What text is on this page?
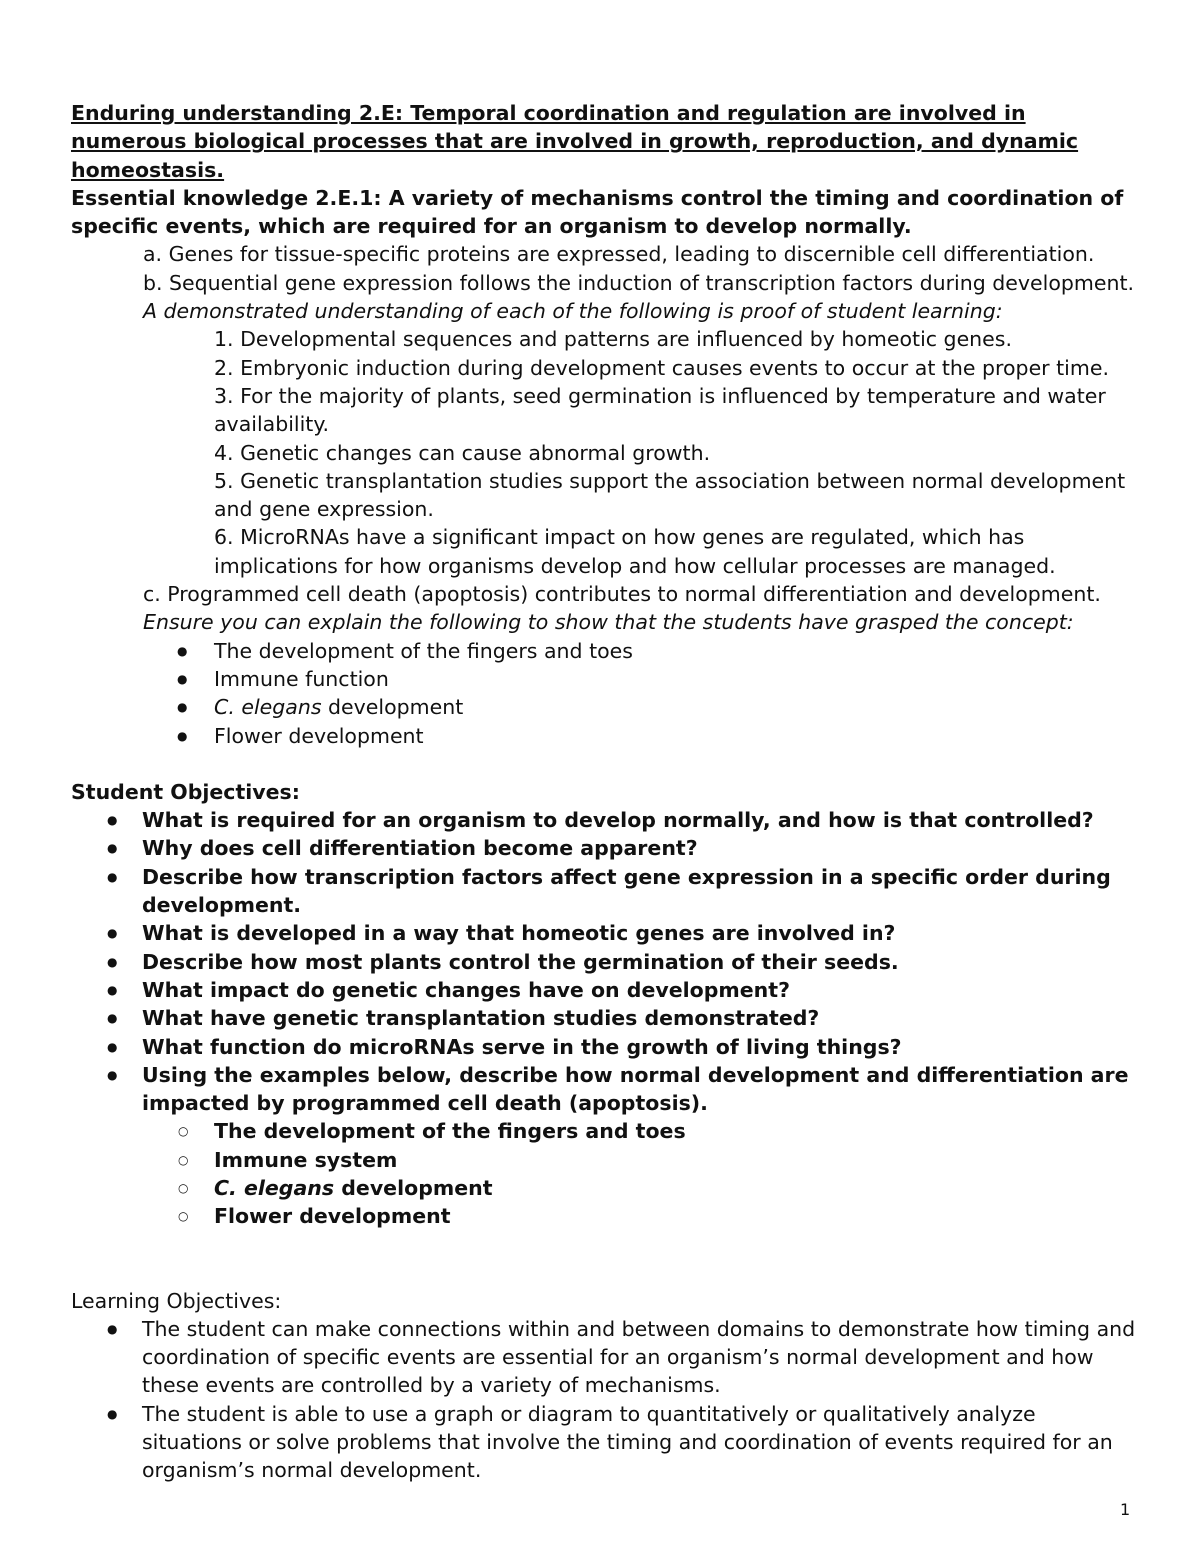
Enduring understanding 2.E: Temporal coordination and regulation are involved in numerous biological processes that are involved in growth, reproduction, and dynamic homeostasis.

Essential knowledge 2.E.1: A variety of mechanisms control the timing and coordination of specific events, which are required for an organism to develop normally.

a. Genes for tissue-specific proteins are expressed, leading to discernible cell differentiation.

b. Sequential gene expression follows the induction of transcription factors during development.

A demonstrated understanding of each of the following is proof of student learning:

1. Developmental sequences and patterns are influenced by homeotic genes.

2. Embryonic induction during development causes events to occur at the proper time.

3. For the majority of plants, seed germination is influenced by temperature and water availability.

4. Genetic changes can cause abnormal growth.

5. Genetic transplantation studies support the association between normal development and gene expression.

6. MicroRNAs have a significant impact on how genes are regulated, which has implications for how organisms develop and how cellular processes are managed.

c. Programmed cell death (apoptosis) contributes to normal differentiation and development.

Ensure you can explain the following to show that the students have grasped the concept:

● The development of the fingers and toes
● Immune function
● C. elegans development
● Flower development

Student Objectives:

● What is required for an organism to develop normally, and how is that controlled?
● Why does cell differentiation become apparent?
● Describe how transcription factors affect gene expression in a specific order during development.
● What is developed in a way that homeotic genes are involved in?
● Describe how most plants control the germination of their seeds.
● What impact do genetic changes have on development?
● What have genetic transplantation studies demonstrated?
● What function do microRNAs serve in the growth of living things?
● Using the examples below, describe how normal development and differentiation are impacted by programmed cell death (apoptosis).
○ The development of the fingers and toes
○ Immune system
○ C. elegans development
○ Flower development

Learning Objectives:

● The student can make connections within and between domains to demonstrate how timing and coordination of specific events are essential for an organism’s normal development and how these events are controlled by a variety of mechanisms.
● The student is able to use a graph or diagram to quantitatively or qualitatively analyze situations or solve problems that involve the timing and coordination of events required for an organism’s normal development.
1
